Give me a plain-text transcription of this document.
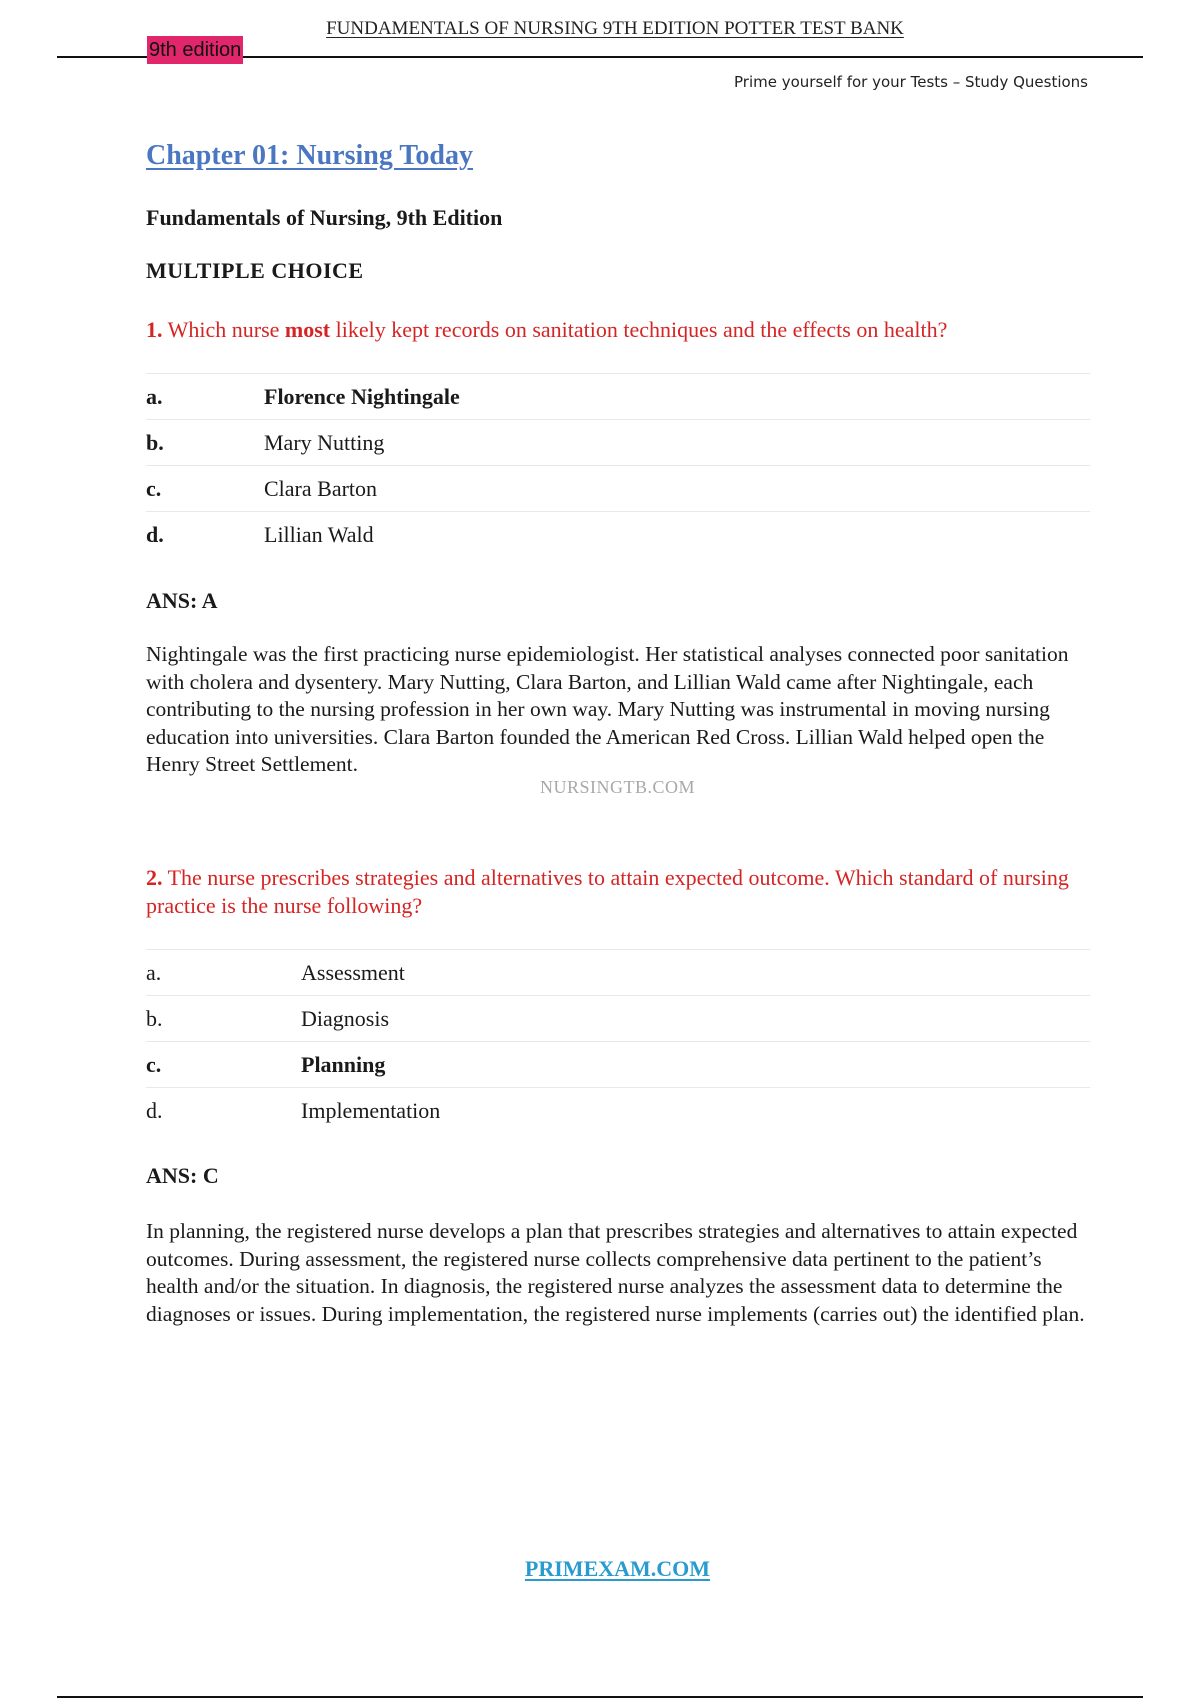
FUNDAMENTALS OF NURSING 9TH EDITION POTTER TEST BANK
9th edition
Prime yourself for your Tests – Study Questions
Chapter 01: Nursing Today
Fundamentals of Nursing, 9th Edition
MULTIPLE CHOICE
1. Which nurse most likely kept records on sanitation techniques and the effects on health?
a.	Florence Nightingale
b.	Mary Nutting
c.	Clara Barton
d.	Lillian Wald
ANS: A
Nightingale was the first practicing nurse epidemiologist. Her statistical analyses connected poor sanitation with cholera and dysentery. Mary Nutting, Clara Barton, and Lillian Wald came after Nightingale, each contributing to the nursing profession in her own way. Mary Nutting was instrumental in moving nursing education into universities. Clara Barton founded the American Red Cross. Lillian Wald helped open the Henry Street Settlement.
NURSINGTB.COM
2. The nurse prescribes strategies and alternatives to attain expected outcome. Which standard of nursing practice is the nurse following?
a.	Assessment
b.	Diagnosis
c.	Planning
d.	Implementation
ANS: C
In planning, the registered nurse develops a plan that prescribes strategies and alternatives to attain expected outcomes. During assessment, the registered nurse collects comprehensive data pertinent to the patient’s health and/or the situation. In diagnosis, the registered nurse analyzes the assessment data to determine the diagnoses or issues. During implementation, the registered nurse implements (carries out) the identified plan.
PRIMEXAM.COM
